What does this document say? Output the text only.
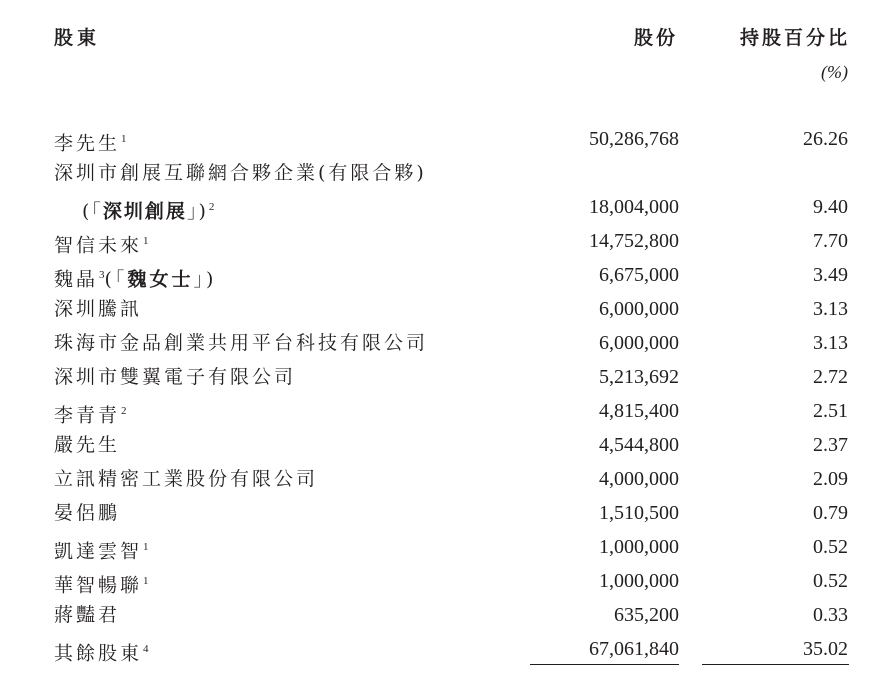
股東	股份	持股百分比
(%)
李先生$^1$	50,286,768	26.26
深圳市創展互聯網合夥企業(有限合夥)
(「深圳創展」)$^2$	18,004,000	9.40
智信未來$^1$	14,752,800	7.70
魏晶$^3$(「魏女士」)	6,675,000	3.49
深圳騰訊	6,000,000	3.13
珠海市金品創業共用平台科技有限公司	6,000,000	3.13
深圳市雙翼電子有限公司	5,213,692	2.72
李青青$^2$	4,815,400	2.51
嚴先生	4,544,800	2.37
立訊精密工業股份有限公司	4,000,000	2.09
晏侶鵬	1,510,500	0.79
凱達雲智$^1$	1,000,000	0.52
華智暢聯$^1$	1,000,000	0.52
蔣豔君	635,200	0.33
其餘股東$^4$	67,061,840	35.02
